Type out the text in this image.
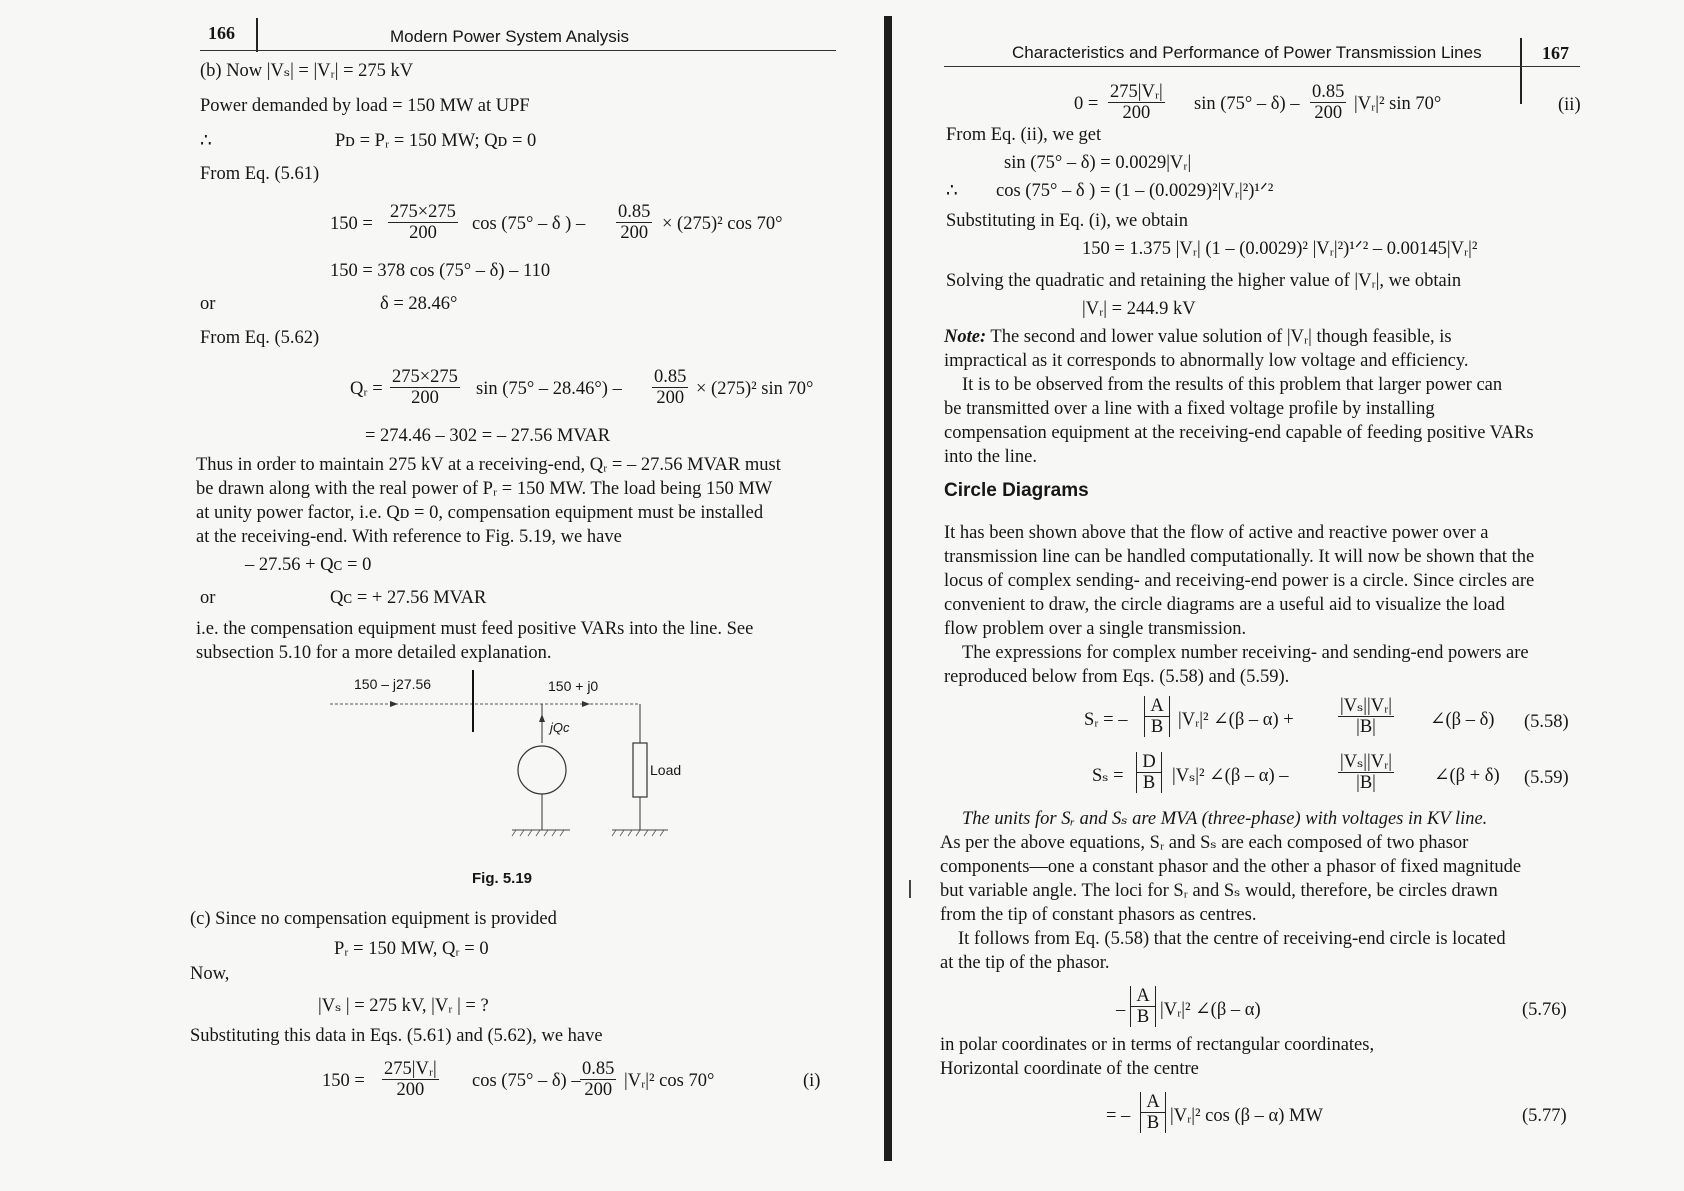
166	Modern Power System Analysis
(b) Now |Vₛ| = |Vᵣ| = 275 kV
Power demanded by load = 150 MW at UPF
∴	Pᴅ = Pᵣ = 150 MW; Qᴅ = 0
From Eq. (5.61)
$150 = \frac{275\times 275}{200}$ cos (75° – δ ) – $\frac{0.85}{200} \times (275)^2$ cos 70°
150 = 378 cos (75° – δ) – 110
or	δ = 28.46°
From Eq. (5.62)
Qᵣ = $\frac{275\times 275}{200}$ $\sin (75^\circ - 28.46^\circ) - \frac{0.85}{200} \times (275)^2$ sin 70°
= 274.46 – 302 = – 27.56 MVAR
Thus in order to maintain 275 kV at a receiving-end, Qᵣ = – 27.56 MVAR must
be drawn along with the real power of Pᵣ = 150 MW. The load being 150 MW
at unity power factor, i.e. Qᴅ = 0, compensation equipment must be installed
at the receiving-end. With reference to Fig. 5.19, we have
– 27.56 + Qᴄ = 0
or	Qᴄ = + 27.56 MVAR
i.e. the compensation equipment must feed positive VARs into the line. See
subsection 5.10 for a more detailed explanation.
150 – j27.56	150 + j0
jQᴄ
Load
Fig. 5.19
(c) Since no compensation equipment is provided
Pᵣ = 150 MW, Qᵣ = 0
Now,
|Vₛ | = 275 kV, |Vᵣ | = ?
Substituting this data in Eqs. (5.61) and (5.62), we have
$150 = \frac{\text{275|Vᵣ|}}{200}$ $\cos (75^\circ - \delta) - \frac{0.85}{200}$ |Vᵣ|² cos 70°	(i)
Characteristics and Performance of Power Transmission Lines	167
$0 = \frac{\text{275|Vᵣ|}}{200}$ $\sin (75^\circ - \delta) - \frac{0.85}{200}$ |Vᵣ|² sin 70°	(ii)
From Eq. (ii), we get
sin (75° – δ) = 0.0029|Vᵣ|
∴ cos (75° – δ ) = (1 – (0.0029)²|Vᵣ|²)¹ᐟ²
Substituting in Eq. (i), we obtain
150 = 1.375 |Vᵣ| (1 – (0.0029)² |Vᵣ|²)¹ᐟ² – 0.00145|Vᵣ|²
Solving the quadratic and retaining the higher value of |Vᵣ|, we obtain
|Vᵣ| = 244.9 kV
Note: The second and lower value solution of |Vᵣ| though feasible, is
impractical as it corresponds to abnormally low voltage and efficiency.
It is to be observed from the results of this problem that larger power can
be transmitted over a line with a fixed voltage profile by installing
compensation equipment at the receiving-end capable of feeding positive VARs
into the line.
Circle Diagrams
It has been shown above that the flow of active and reactive power over a
transmission line can be handled computationally. It will now be shown that the
locus of complex sending- and receiving-end power is a circle. Since circles are
convenient to draw, the circle diagrams are a useful aid to visualize the load
flow problem over a single transmission.
The expressions for complex number receiving- and sending-end powers are
reproduced below from Eqs. (5.58) and (5.59).
Sᵣ = – $\frac{A}{B}$ |Vᵣ|² ∠(β – $\alpha) + \frac{\text{|Vₛ||Vᵣ|}}{|B|}$ ∠(β – δ) (5.58)
$S_s = \frac{D}{B} |V_s|^2$ ∠(β – α) –	$\frac{\text{|Vₛ||Vᵣ|}}{|B|}$ ∠(β + δ) (5.59)
The units for Sᵣ and Sₛ are MVA (three-phase) with voltages in KV line.
As per the above equations, Sᵣ and Sₛ are each composed of two phasor
components—one a constant phasor and the other a phasor of fixed magnitude
but variable angle. The loci for Sᵣ and Sₛ would, therefore, be circles drawn
from the tip of constant phasors as centres.
It follows from Eq. (5.58) that the centre of receiving-end circle is located
at the tip of the phasor.
– $\frac{A}{B}$ |Vᵣ|² ∠(β – α)	(5.76)
in polar coordinates or in terms of rectangular coordinates,
Horizontal coordinate of the centre
= – $\frac{A}{B}$ |Vᵣ|² cos (β – α) MW	(5.77)
